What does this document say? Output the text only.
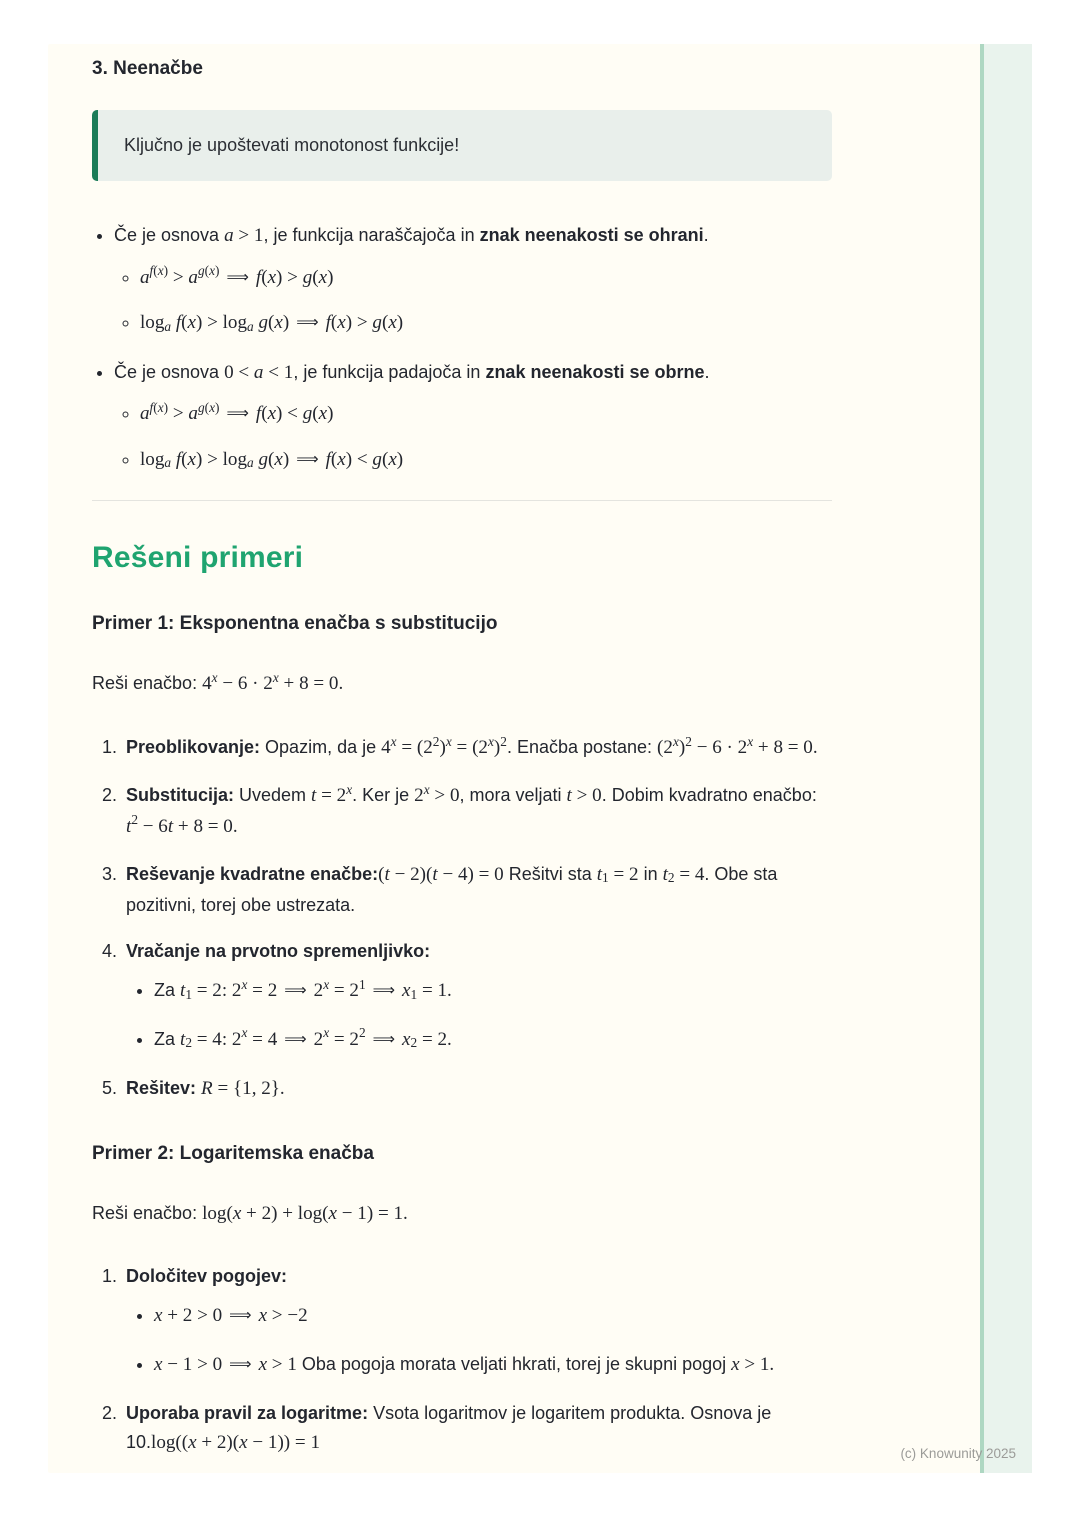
3. Neenačbe

Ključno je upoštevati monotonost funkcije!

• Če je osnova a > 1, je funkcija naraščajoča in znak neenakosti se ohrani.
◦ $a^{f(x)} > a^{g(x)}$ ⟹ f(x) > g(x)
◦ $\log_a f(x) > \log_a g(x)$ ⟹ f(x) > g(x)
• Če je osnova 0 < a < 1, je funkcija padajoča in znak neenakosti se obrne.
◦ $a^{f(x)} > a^{g(x)}$ ⟹ f(x) < g(x)
◦ $\log_a f(x) > \log_a g(x)$ ⟹ f(x) < g(x)
Rešeni primeri
Primer 1: Eksponentna enačba s substitucijo

Reši enačbo: $4^x - 6 \cdot 2^x + 8 = 0$.

1. Preoblikovanje: Opazim, da je $4^x = (2^2)^x = (2^x)^2$. Enačba postane: $(2^x)^2 - 6 \cdot 2^x + 8 = 0$.
2. Substitucija: Uvedem $t = 2^x$. Ker je $2^x > 0$, mora veljati t > 0. Dobim kvadratno enačbo: $t^2 - 6t + 8 = 0$.
3. Reševanje kvadratne enačbe:(t − 2)(t − 4) = 0 Rešitvi sta $t_1 = 2$ in $t_2 = 4$. Obe sta pozitivni, torej obe ustrezata.
4. Vračanje na prvotno spremenljivko:
• Za $t_1 = 2$: $2^x = 2$ ⟹ $2^x = 2^1$ ⟹ $x_1 = 1$.
• Za $t_2 = 4$: $2^x = 4$ ⟹ $2^x = 2^2$ ⟹ $x_2 = 2$.
5. Rešitev: R = {1, 2}.
Primer 2: Logaritemska enačba

Reši enačbo: log(x + 2) + log(x − 1) = 1.

1. Določitev pogojev:
• x + 2 > 0 ⟹ x > −2
• x − 1 > 0 ⟹ x > 1 Oba pogoja morata veljati hkrati, torej je skupni pogoj x > 1.
2. Uporaba pravil za logaritme: Vsota logaritmov je logaritem produkta. Osnova je 10.log((x + 2)(x − 1)) = 1
(c) Knowunity 2025
